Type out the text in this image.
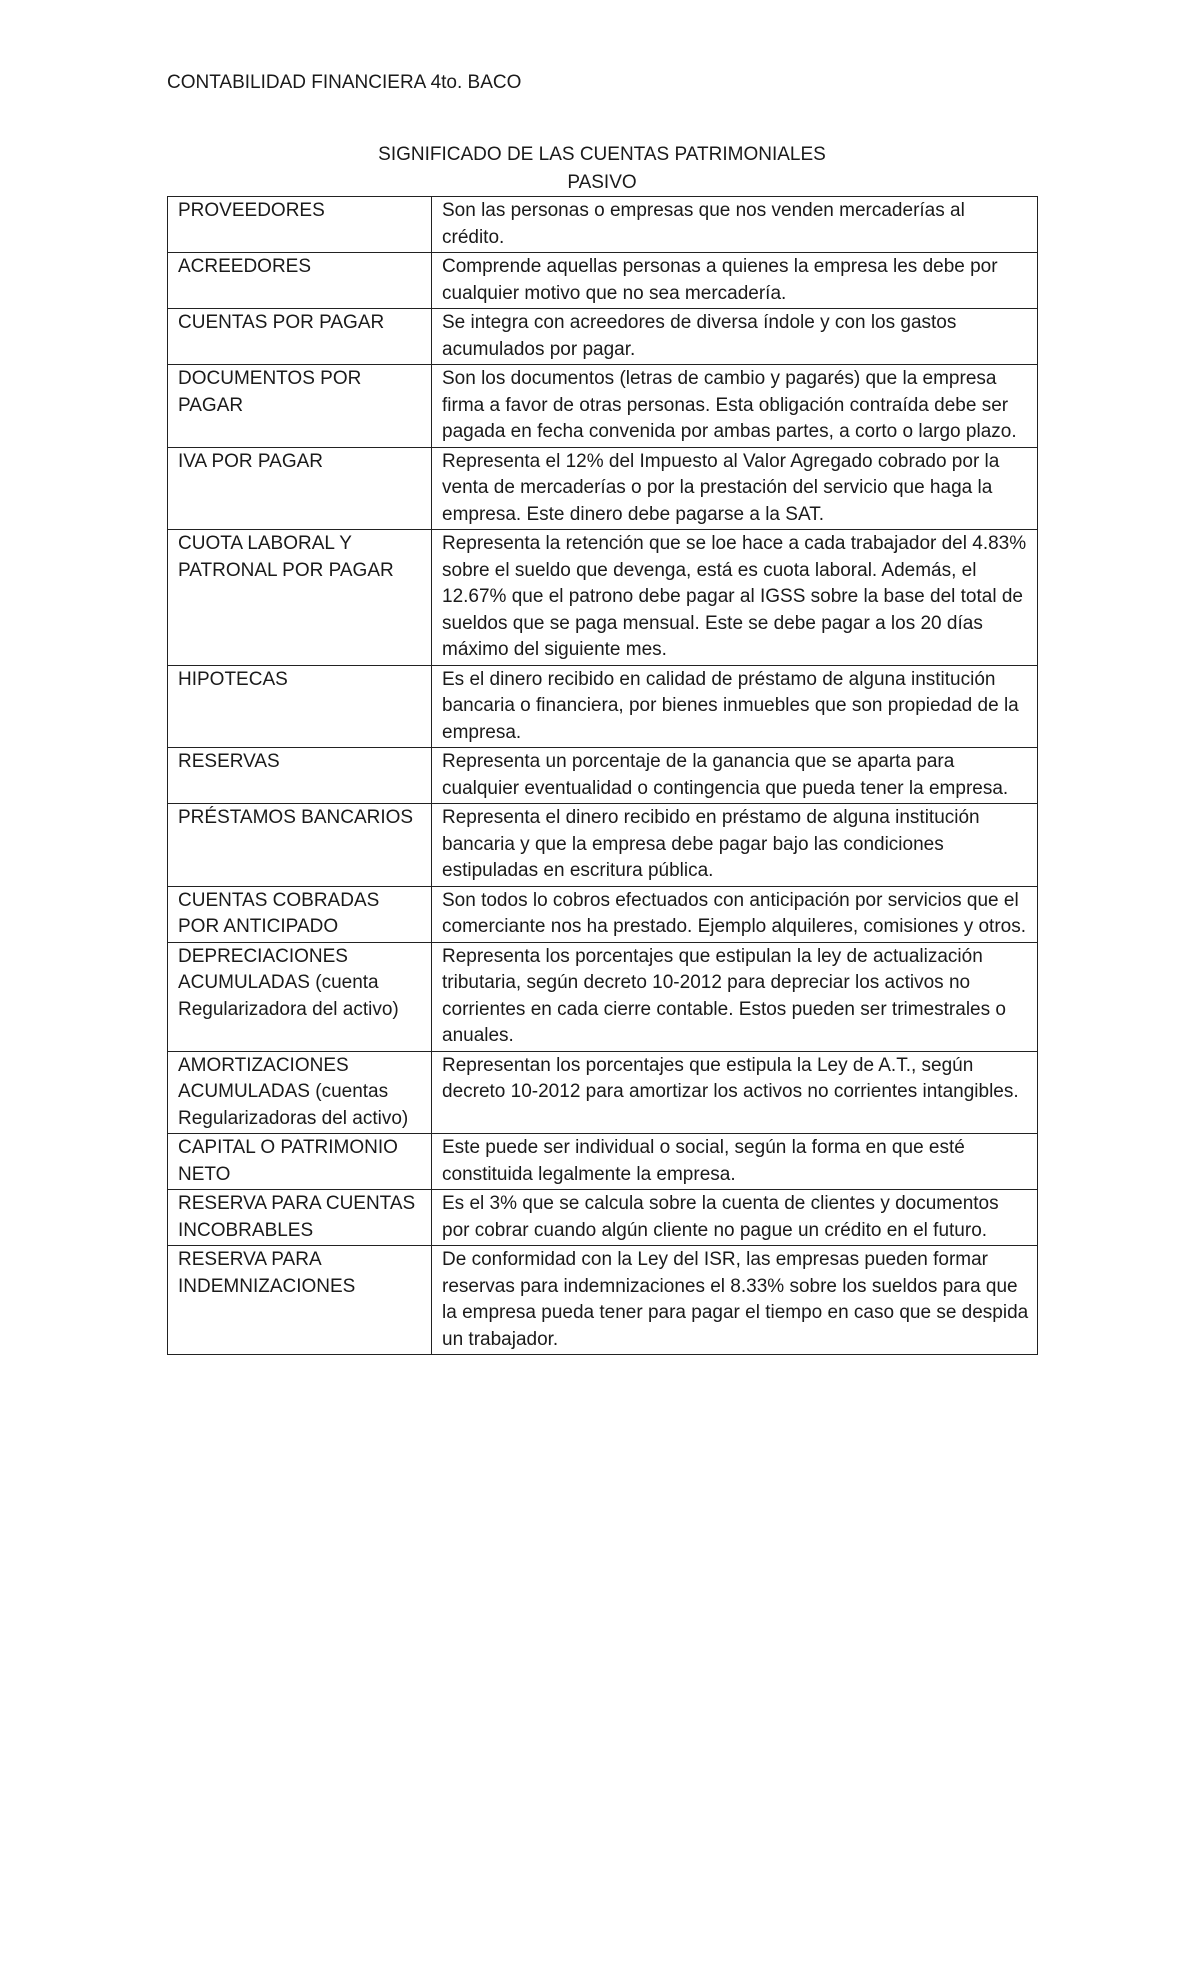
CONTABILIDAD FINANCIERA 4to. BACO
SIGNIFICADO DE LAS CUENTAS PATRIMONIALES
PASIVO
PROVEEDORES	Son las personas o empresas que nos venden mercaderías al crédito.
ACREEDORES	Comprende aquellas personas a quienes la empresa les debe por cualquier motivo que no sea mercadería.
CUENTAS POR PAGAR	Se integra con acreedores de diversa índole y con los gastos acumulados por pagar.
DOCUMENTOS POR PAGAR	Son los documentos (letras de cambio y pagarés) que la empresa firma a favor de otras personas. Esta obligación contraída debe ser pagada en fecha convenida por ambas partes, a corto o largo plazo.
IVA POR PAGAR	Representa el 12% del Impuesto al Valor Agregado cobrado por la venta de mercaderías o por la prestación del servicio que haga la empresa. Este dinero debe pagarse a la SAT.
CUOTA LABORAL Y PATRONAL POR PAGAR	Representa la retención que se loe hace a cada trabajador del 4.83% sobre el sueldo que devenga, está es cuota laboral. Además, el 12.67% que el patrono debe pagar al IGSS sobre la base del total de sueldos que se paga mensual. Este se debe pagar a los 20 días máximo del siguiente mes.
HIPOTECAS	Es el dinero recibido en calidad de préstamo de alguna institución bancaria o financiera, por bienes inmuebles que son propiedad de la empresa.
RESERVAS	Representa un porcentaje de la ganancia que se aparta para cualquier eventualidad o contingencia que pueda tener la empresa.
PRÉSTAMOS BANCARIOS	Representa el dinero recibido en préstamo de alguna institución bancaria y que la empresa debe pagar bajo las condiciones estipuladas en escritura pública.
CUENTAS COBRADAS POR ANTICIPADO	Son todos lo cobros efectuados con anticipación por servicios que el comerciante nos ha prestado. Ejemplo alquileres, comisiones y otros.
DEPRECIACIONES ACUMULADAS (cuenta Regularizadora del activo)	Representa los porcentajes que estipulan la ley de actualización tributaria, según decreto 10-2012 para depreciar los activos no corrientes en cada cierre contable. Estos pueden ser trimestrales o anuales.
AMORTIZACIONES ACUMULADAS (cuentas Regularizadoras del activo)	Representan los porcentajes que estipula la Ley de A.T., según decreto 10-2012 para amortizar los activos no corrientes intangibles.
CAPITAL O PATRIMONIO NETO	Este puede ser individual o social, según la forma en que esté constituida legalmente la empresa.
RESERVA PARA CUENTAS INCOBRABLES	Es el 3% que se calcula sobre la cuenta de clientes y documentos por cobrar cuando algún cliente no pague un crédito en el futuro.
RESERVA PARA INDEMNIZACIONES	De conformidad con la Ley del ISR, las empresas pueden formar reservas para indemnizaciones el 8.33% sobre los sueldos para que la empresa pueda tener para pagar el tiempo en caso que se despida un trabajador.
